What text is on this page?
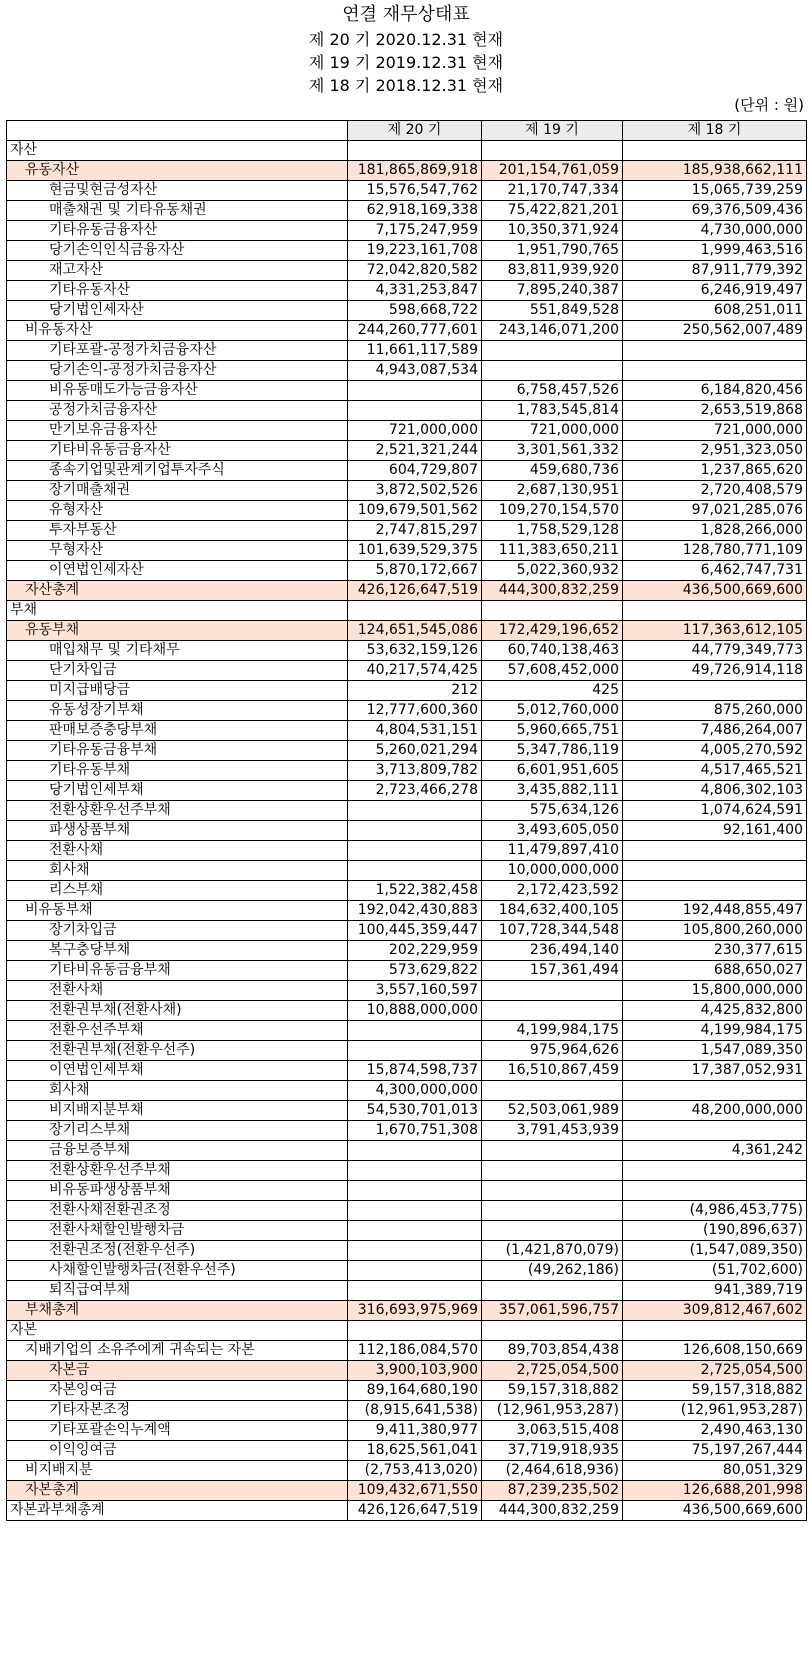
연결 재무상태표
제 20 기 2020.12.31 현재
제 19 기 2019.12.31 현재
제 18 기 2018.12.31 현재
(단위 : 원)
	제 20 기	제 19 기	제 18 기
자산			
유동자산	181,865,869,918	201,154,761,059	185,938,662,111
현금및현금성자산	15,576,547,762	21,170,747,334	15,065,739,259
매출채권 및 기타유동채권	62,918,169,338	75,422,821,201	69,376,509,436
기타유동금융자산	7,175,247,959	10,350,371,924	4,730,000,000
당기손익인식금융자산	19,223,161,708	1,951,790,765	1,999,463,516
재고자산	72,042,820,582	83,811,939,920	87,911,779,392
기타유동자산	4,331,253,847	7,895,240,387	6,246,919,497
당기법인세자산	598,668,722	551,849,528	608,251,011
비유동자산	244,260,777,601	243,146,071,200	250,562,007,489
기타포괄-공정가치금융자산	11,661,117,589		
당기손익-공정가치금융자산	4,943,087,534		
비유동매도가능금융자산		6,758,457,526	6,184,820,456
공정가치금융자산		1,783,545,814	2,653,519,868
만기보유금융자산	721,000,000	721,000,000	721,000,000
기타비유동금융자산	2,521,321,244	3,301,561,332	2,951,323,050
종속기업및관계기업투자주식	604,729,807	459,680,736	1,237,865,620
장기매출채권	3,872,502,526	2,687,130,951	2,720,408,579
유형자산	109,679,501,562	109,270,154,570	97,021,285,076
투자부동산	2,747,815,297	1,758,529,128	1,828,266,000
무형자산	101,639,529,375	111,383,650,211	128,780,771,109
이연법인세자산	5,870,172,667	5,022,360,932	6,462,747,731
자산총계	426,126,647,519	444,300,832,259	436,500,669,600
부채			
유동부채	124,651,545,086	172,429,196,652	117,363,612,105
매입채무 및 기타채무	53,632,159,126	60,740,138,463	44,779,349,773
단기차입금	40,217,574,425	57,608,452,000	49,726,914,118
미지급배당금	212	425	
유동성장기부채	12,777,600,360	5,012,760,000	875,260,000
판매보증충당부채	4,804,531,151	5,960,665,751	7,486,264,007
기타유동금융부채	5,260,021,294	5,347,786,119	4,005,270,592
기타유동부채	3,713,809,782	6,601,951,605	4,517,465,521
당기법인세부채	2,723,466,278	3,435,882,111	4,806,302,103
전환상환우선주부채		575,634,126	1,074,624,591
파생상품부채		3,493,605,050	92,161,400
전환사채		11,479,897,410	
회사채		10,000,000,000	
리스부채	1,522,382,458	2,172,423,592	
비유동부채	192,042,430,883	184,632,400,105	192,448,855,497
장기차입금	100,445,359,447	107,728,344,548	105,800,260,000
복구충당부채	202,229,959	236,494,140	230,377,615
기타비유동금융부채	573,629,822	157,361,494	688,650,027
전환사채	3,557,160,597		15,800,000,000
전환권부채(전환사채)	10,888,000,000		4,425,832,800
전환우선주부채		4,199,984,175	4,199,984,175
전환권부채(전환우선주)		975,964,626	1,547,089,350
이연법인세부채	15,874,598,737	16,510,867,459	17,387,052,931
회사채	4,300,000,000		
비지배지분부채	54,530,701,013	52,503,061,989	48,200,000,000
장기리스부채	1,670,751,308	3,791,453,939	
금융보증부채			4,361,242
전환상환우선주부채			
비유동파생상품부채			
전환사채전환권조정			(4,986,453,775)
전환사채할인발행차금			(190,896,637)
전환권조정(전환우선주)		(1,421,870,079)	(1,547,089,350)
사채할인발행차금(전환우선주)		(49,262,186)	(51,702,600)
퇴직급여부채			941,389,719
부채총계	316,693,975,969	357,061,596,757	309,812,467,602
자본			
지배기업의 소유주에게 귀속되는 자본	112,186,084,570	89,703,854,438	126,608,150,669
자본금	3,900,103,900	2,725,054,500	2,725,054,500
자본잉여금	89,164,680,190	59,157,318,882	59,157,318,882
기타자본조정	(8,915,641,538)	(12,961,953,287)	(12,961,953,287)
기타포괄손익누계액	9,411,380,977	3,063,515,408	2,490,463,130
이익잉여금	18,625,561,041	37,719,918,935	75,197,267,444
비지배지분	(2,753,413,020)	(2,464,618,936)	80,051,329
자본총계	109,432,671,550	87,239,235,502	126,688,201,998
자본과부채총계	426,126,647,519	444,300,832,259	436,500,669,600
